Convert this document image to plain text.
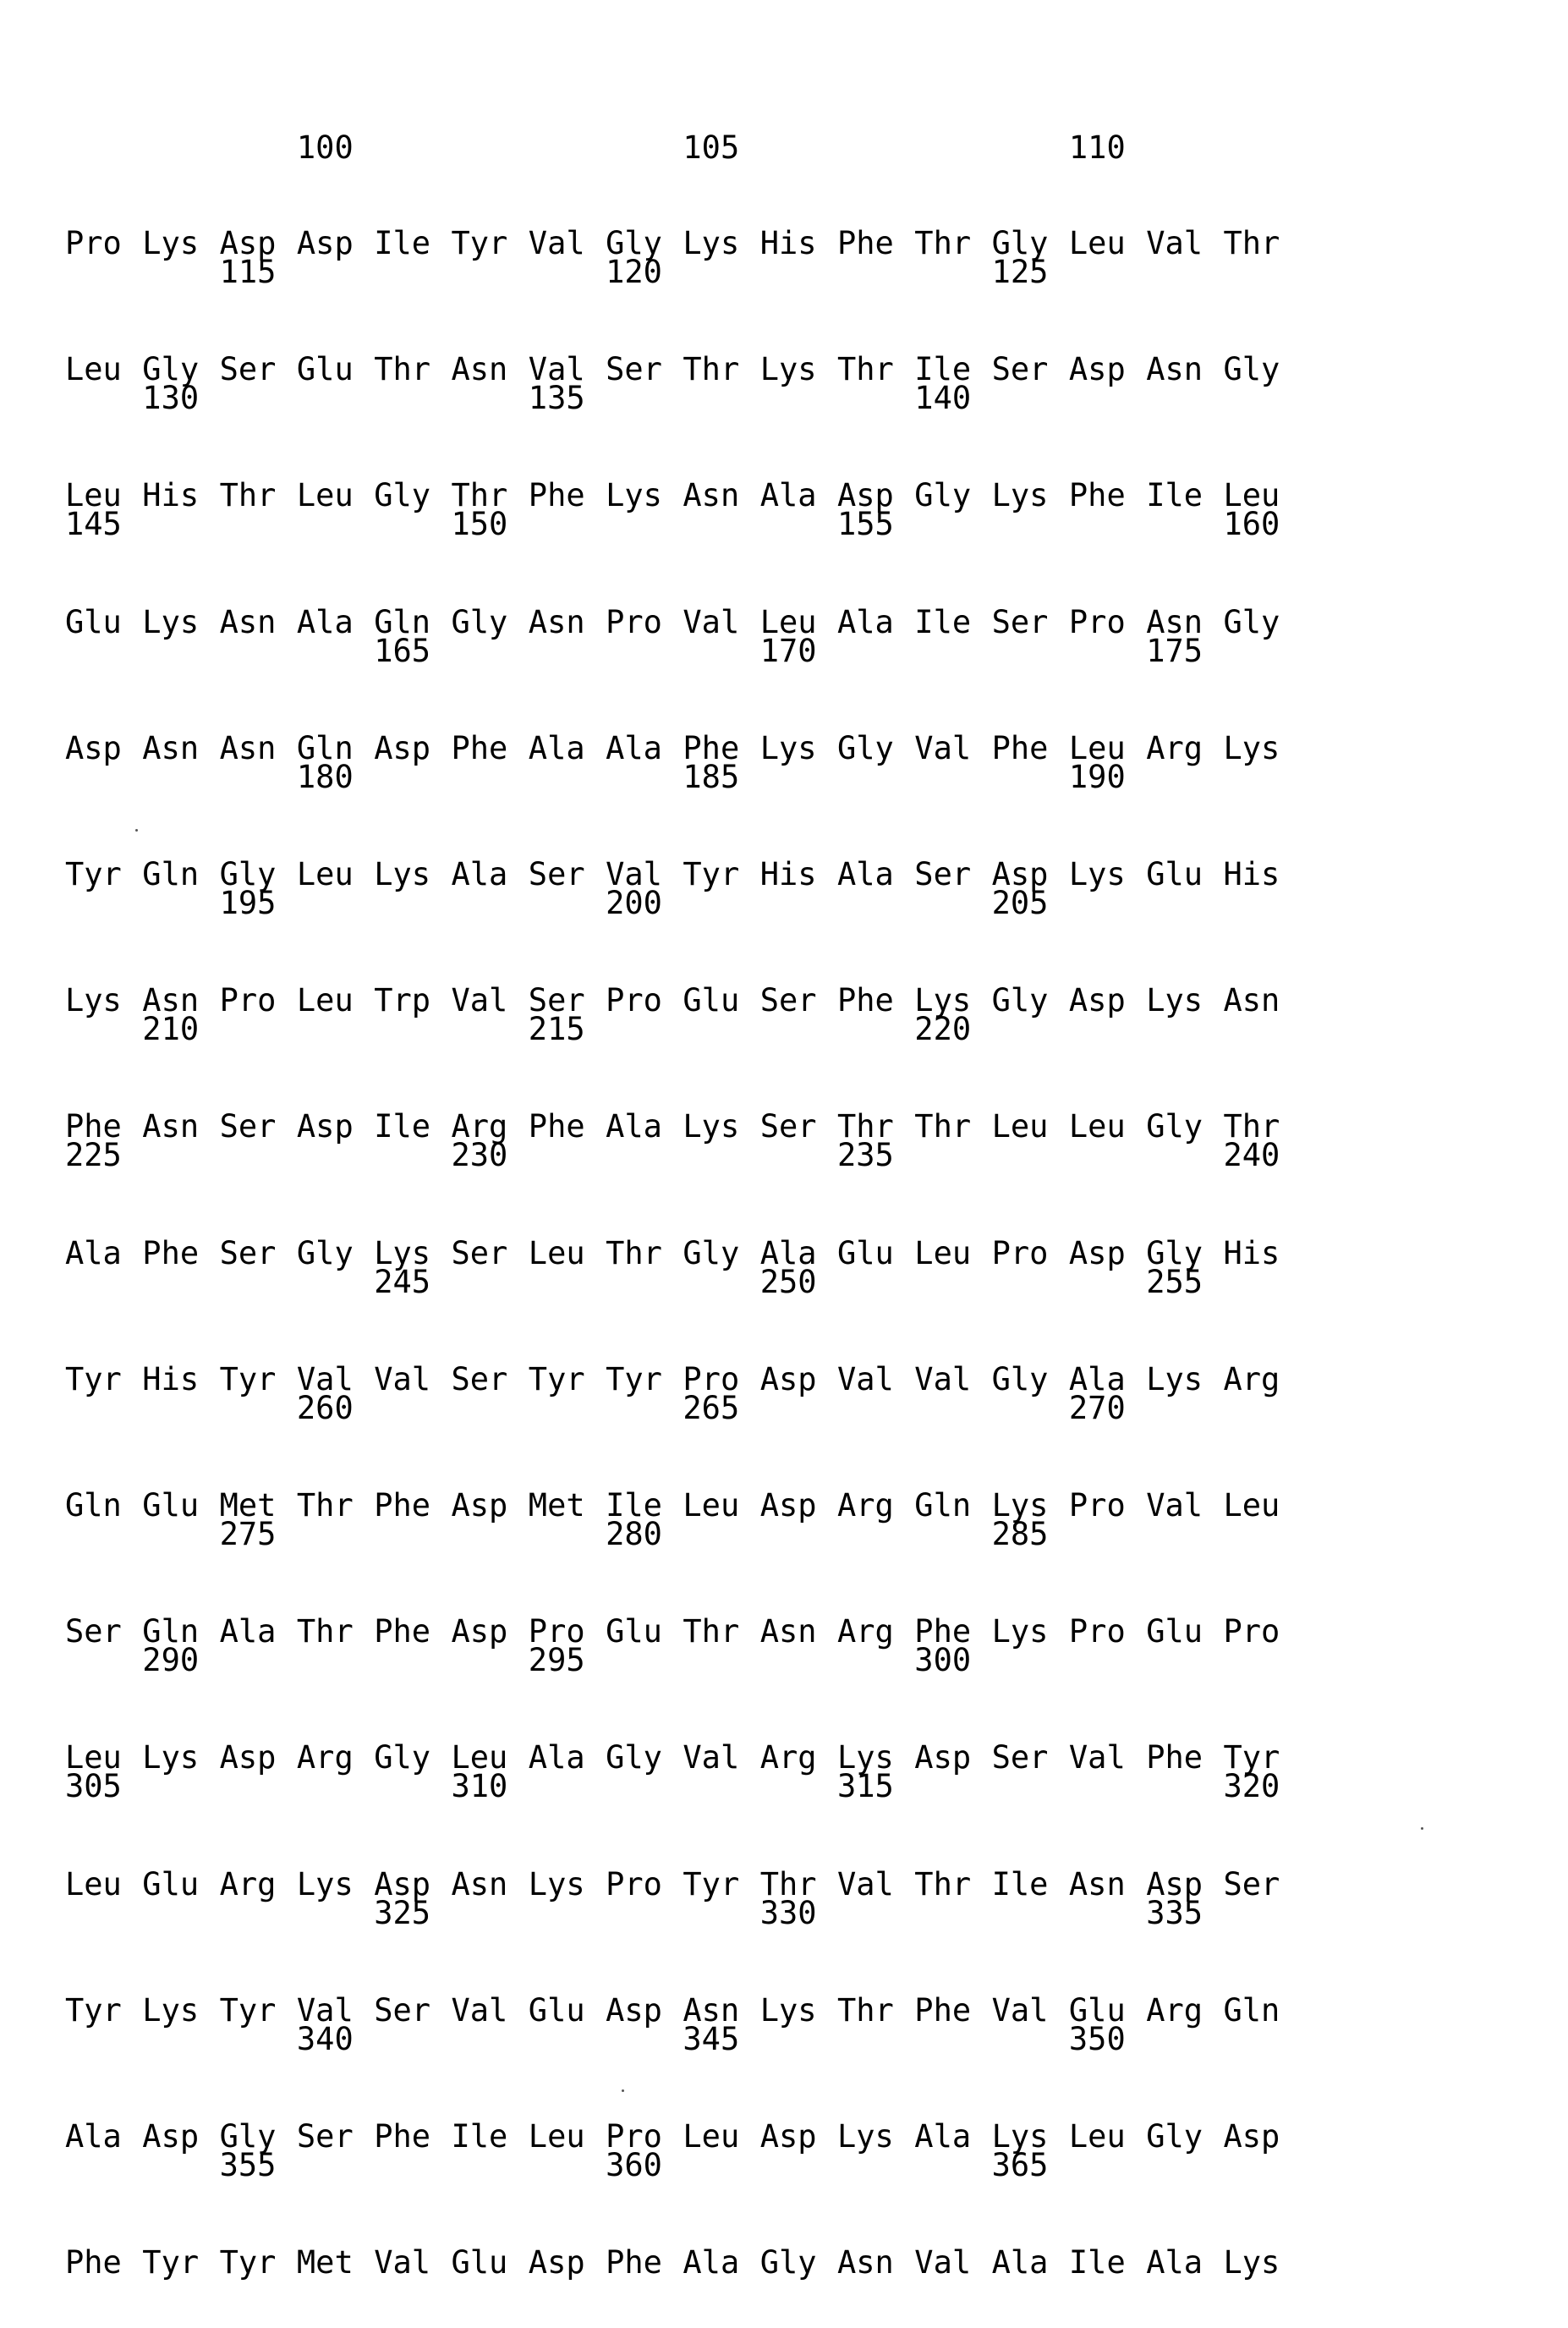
100	105	110
Pro Lys Asp Asp Ile Tyr Val Gly Lys His Phe Thr Gly Leu Val Thr
115	120	125
Leu Gly Ser Glu Thr Asn Val Ser Thr Lys Thr Ile Ser Asp Asn Gly
130	135	140
Leu His Thr Leu Gly Thr Phe Lys Asn Ala Asp Gly Lys Phe Ile Leu
145	150	155	160
Glu Lys Asn Ala Gln Gly Asn Pro Val Leu Ala Ile Ser Pro Asn Gly
165	170	175
Asp Asn Asn Gln Asp Phe Ala Ala Phe Lys Gly Val Phe Leu Arg Lys
180	185	190
Tyr Gln Gly Leu Lys Ala Ser Val Tyr His Ala Ser Asp Lys Glu His
195	200	205
Lys Asn Pro Leu Trp Val Ser Pro Glu Ser Phe Lys Gly Asp Lys Asn
210	215	220
Phe Asn Ser Asp Ile Arg Phe Ala Lys Ser Thr Thr Leu Leu Gly Thr
225	230	235	240
Ala Phe Ser Gly Lys Ser Leu Thr Gly Ala Glu Leu Pro Asp Gly His
245	250	255
Tyr His Tyr Val Val Ser Tyr Tyr Pro Asp Val Val Gly Ala Lys Arg
260	265	270
Gln Glu Met Thr Phe Asp Met Ile Leu Asp Arg Gln Lys Pro Val Leu
275	280	285
Ser Gln Ala Thr Phe Asp Pro Glu Thr Asn Arg Phe Lys Pro Glu Pro
290	295	300
Leu Lys Asp Arg Gly Leu Ala Gly Val Arg Lys Asp Ser Val Phe Tyr
305	310	315	320
Leu Glu Arg Lys Asp Asn Lys Pro Tyr Thr Val Thr Ile Asn Asp Ser
325	330	335
Tyr Lys Tyr Val Ser Val Glu Asp Asn Lys Thr Phe Val Glu Arg Gln
340	345	350
Ala Asp Gly Ser Phe Ile Leu Pro Leu Asp Lys Ala Lys Leu Gly Asp
355	360	365
Phe Tyr Tyr Met Val Glu Asp Phe Ala Gly Asn Val Ala Ile Ala Lys
